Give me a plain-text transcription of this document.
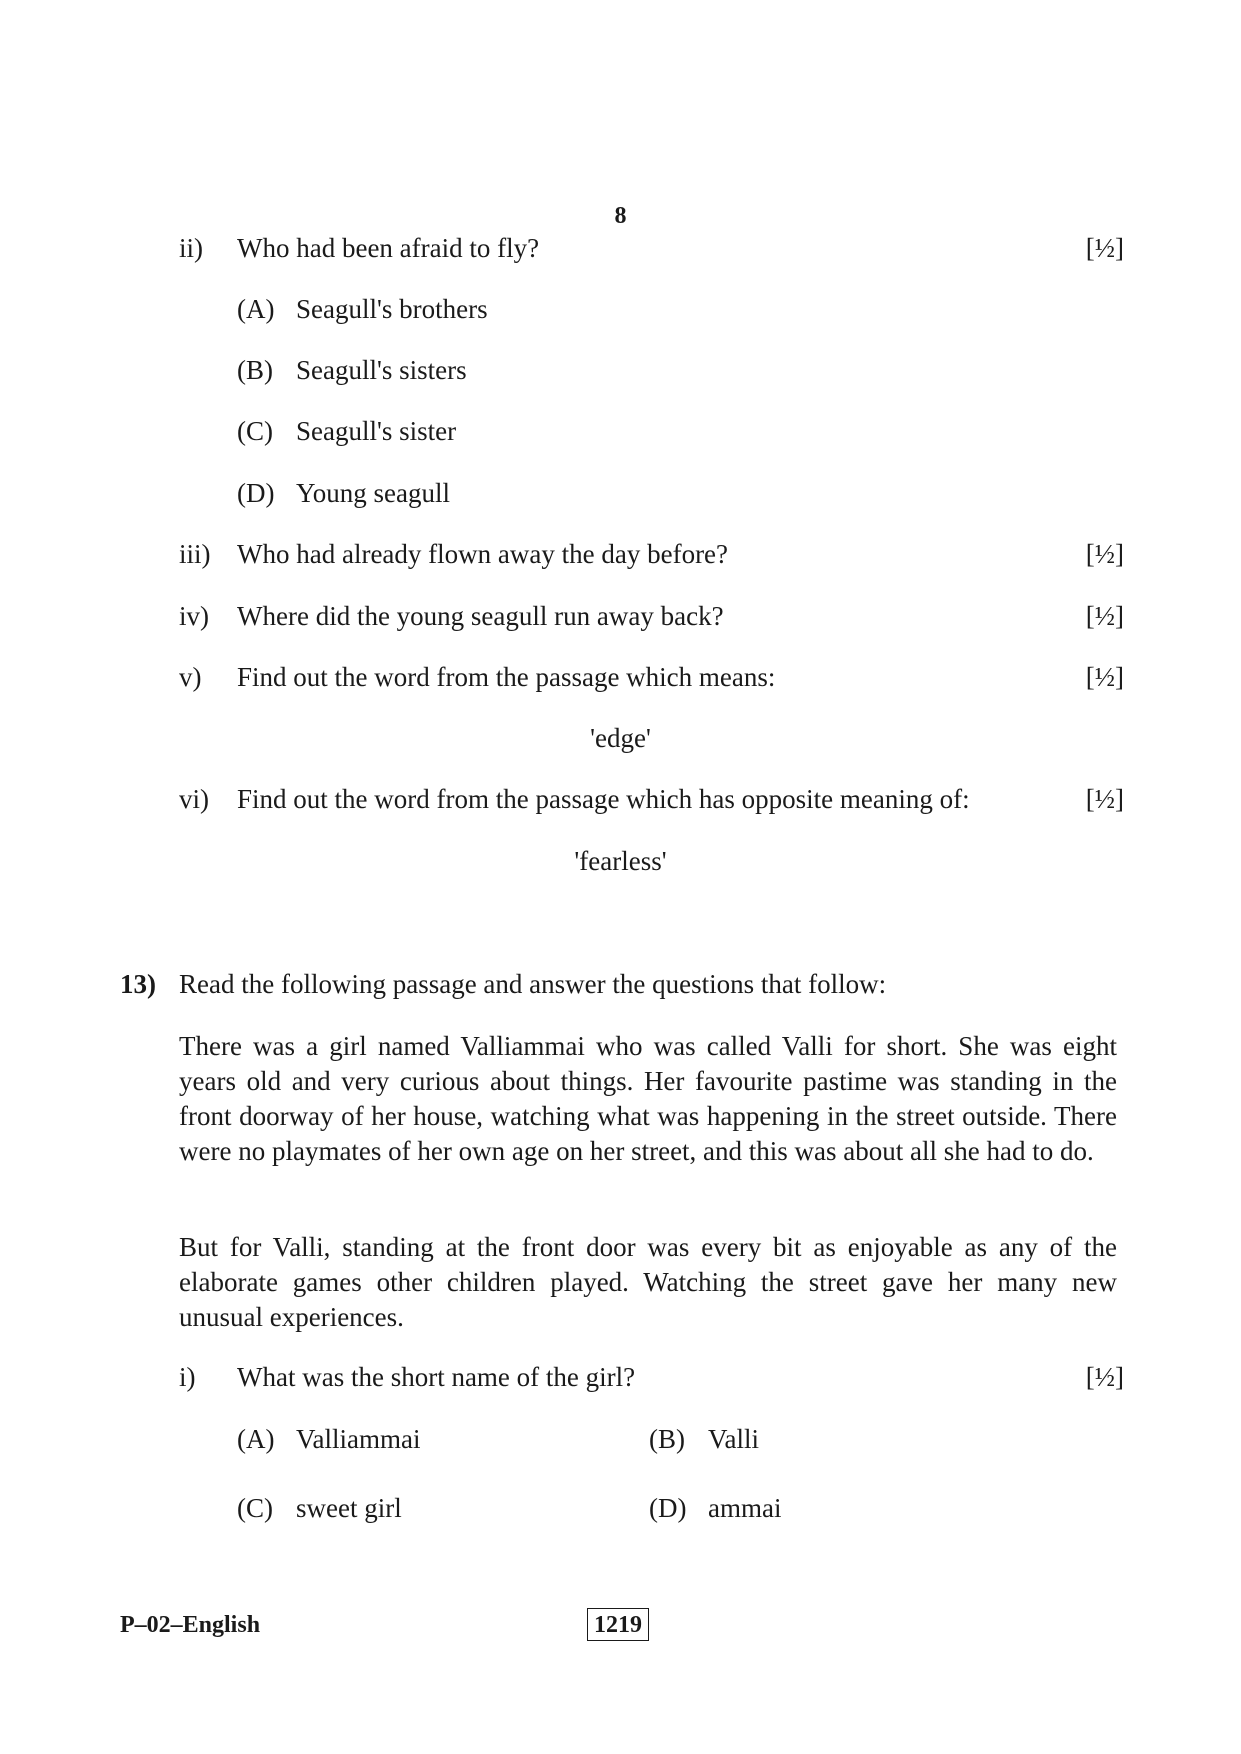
8
ii)	Who had been afraid to fly?	[½]
(A) Seagull's brothers
(B) Seagull's sisters
(C) Seagull's sister
(D) Young seagull
iii) Who had already flown away the day before?	[½]
iv)	Where did the young seagull run away back?	[½]
v)	Find out the word from the passage which means:	[½]
'edge'
vi)	Find out the word from the passage which has opposite meaning of:	[½]
'fearless'
13) Read the following passage and answer the questions that follow:
There was a girl named Valliammai who was called Valli for short. She was eight years old and very curious about things. Her favourite pastime was standing in the front doorway of her house, watching what was happening in the street outside. There were no playmates of her own age on her street, and this was about all she had to do.
But for Valli, standing at the front door was every bit as enjoyable as any of the elaborate games other children played. Watching the street gave her many new unusual experiences.
i)	What was the short name of the girl?	[½]
(A) Valliammai	(B) Valli
(C) sweet girl	(D) ammai
P–02–English	1219
